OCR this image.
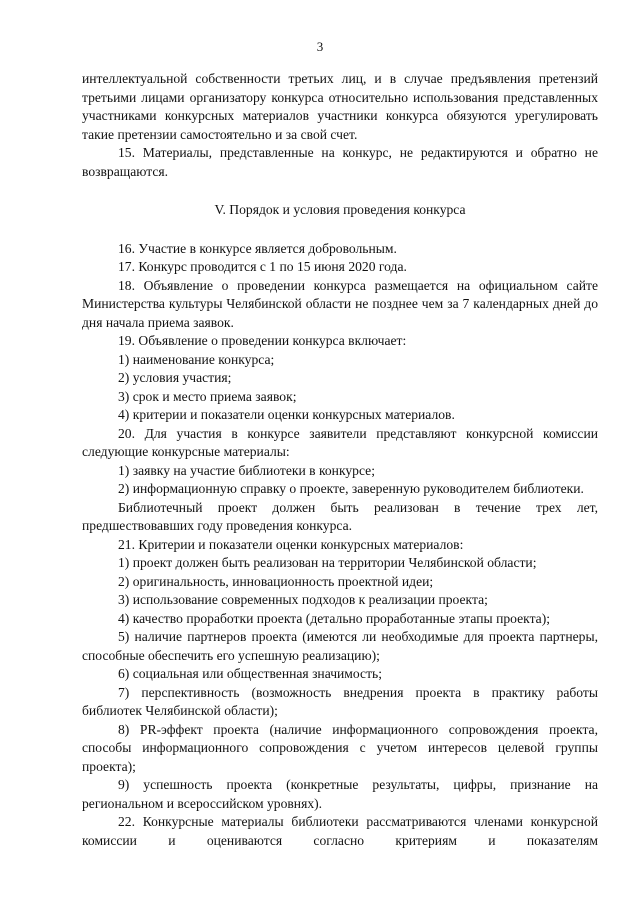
3

интеллектуальной собственности третьих лиц, и в случае предъявления претензий третьими лицами организатору конкурса относительно использования представленных участниками конкурсных материалов участники конкурса обязуются урегулировать такие претензии самостоятельно и за свой счет.

15. Материалы, представленные на конкурс, не редактируются и обратно не возвращаются.

V. Порядок и условия проведения конкурса

16. Участие в конкурсе является добровольным.

17. Конкурс проводится с 1 по 15 июня 2020 года.

18. Объявление о проведении конкурса размещается на официальном сайте Министерства культуры Челябинской области не позднее чем за 7 календарных дней до дня начала приема заявок.

19. Объявление о проведении конкурса включает:

1) наименование конкурса;

2) условия участия;

3) срок и место приема заявок;

4) критерии и показатели оценки конкурсных материалов.

20. Для участия в конкурсе заявители представляют конкурсной комиссии следующие конкурсные материалы:

1) заявку на участие библиотеки в конкурсе;

2) информационную справку о проекте, заверенную руководителем библиотеки.

Библиотечный проект должен быть реализован в течение трех лет, предшествовавших году проведения конкурса.

21. Критерии и показатели оценки конкурсных материалов:

1) проект должен быть реализован на территории Челябинской области;

2) оригинальность, инновационность проектной идеи;

3) использование современных подходов к реализации проекта;

4) качество проработки проекта (детально проработанные этапы проекта);

5) наличие партнеров проекта (имеются ли необходимые для проекта партнеры, способные обеспечить его успешную реализацию);

6) социальная или общественная значимость;

7) перспективность (возможность внедрения проекта в практику работы библиотек Челябинской области);

8) PR-эффект проекта (наличие информационного сопровождения проекта, способы информационного сопровождения с учетом интересов целевой группы проекта);

9) успешность проекта (конкретные результаты, цифры, признание на региональном и всероссийском уровнях).

22. Конкурсные материалы библиотеки рассматриваются членами конкурсной комиссии и оцениваются согласно критериям и показателям
